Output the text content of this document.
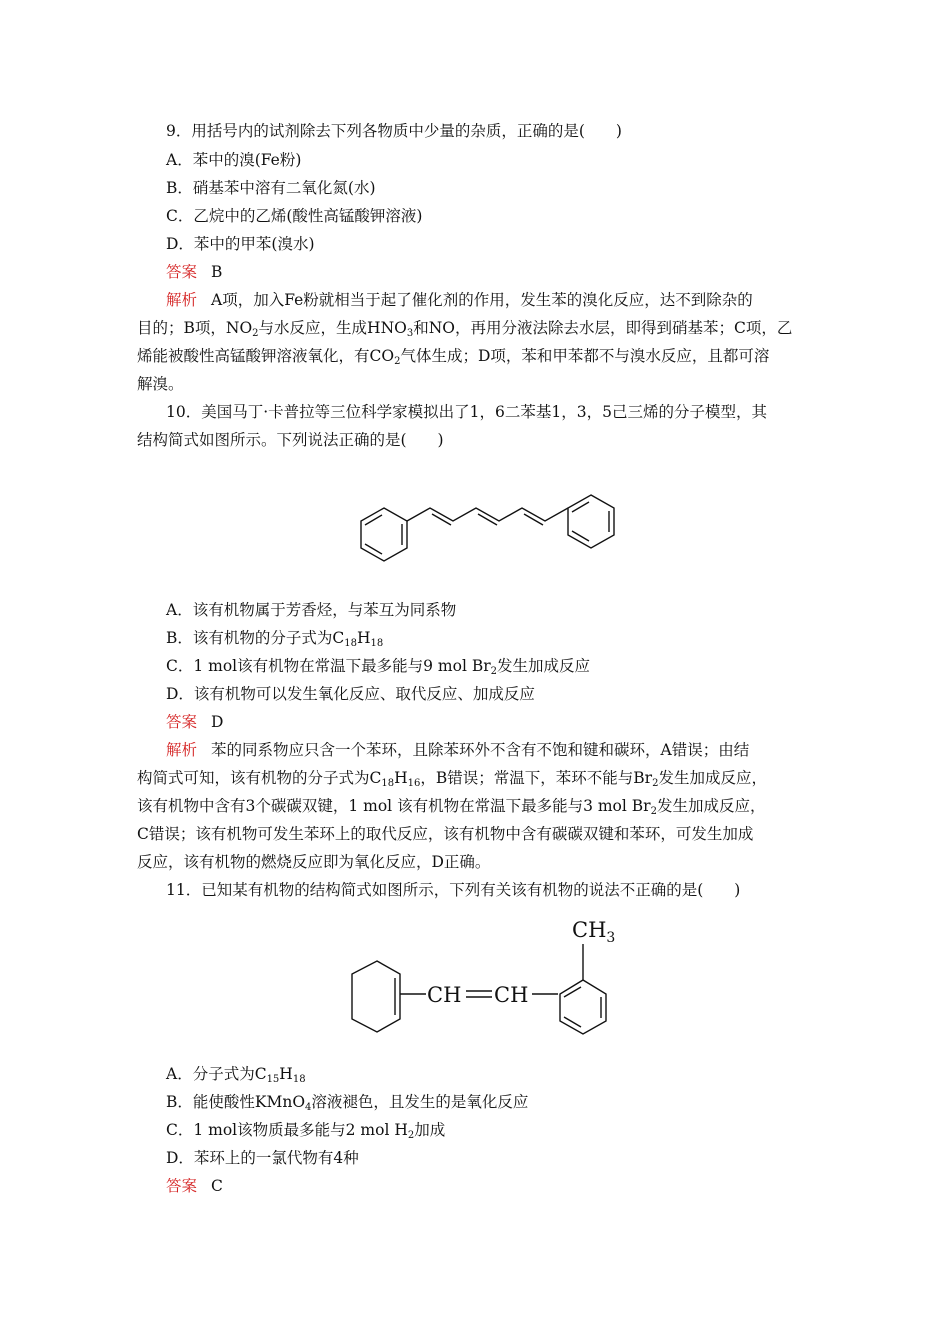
9．用括号内的试剂除去下列各物质中少量的杂质，正确的是(　　)
A．苯中的溴(Fe粉)
B．硝基苯中溶有二氧化氮(水)
C．乙烷中的乙烯(酸性高锰酸钾溶液)
D．苯中的甲苯(溴水)
答案 B
解析 A项，加入Fe粉就相当于起了催化剂的作用，发生苯的溴化反应，达不到除杂的
目的；B项，$NO_2$与水反应，生成$HNO_3$和NO，再用分液法除去水层，即得到硝基苯；C项，乙
烯能被酸性高锰酸钾溶液氧化，有$CO_2$气体生成；D项，苯和甲苯都不与溴水反应，且都可溶
解溴。
10．美国马丁·卡普拉等三位科学家模拟出了1，6二苯基1，3，5己三烯的分子模型，其
结构简式如图所示。下列说法正确的是(　　)
A．该有机物属于芳香烃，与苯互为同系物
B．该有机物的分子式为$C_{18}H_{18}$
C．1 mol该有机物在常温下最多能与9 mol $Br_2$发生加成反应
D．该有机物可以发生氧化反应、取代反应、加成反应
答案 D
解析 苯的同系物应只含一个苯环，且除苯环外不含有不饱和键和碳环，A错误；由结
构简式可知，该有机物的分子式为$C_{18}H_{16}$，B错误；常温下，苯环不能与$Br_2$发生加成反应，
该有机物中含有3个碳碳双键，1 mol 该有机物在常温下最多能与3 mol $Br_2$发生加成反应，
C错误；该有机物可发生苯环上的取代反应，该有机物中含有碳碳双键和苯环，可发生加成
反应，该有机物的燃烧反应即为氧化反应，D正确。
11．已知某有机物的结构简式如图所示，下列有关该有机物的说法不正确的是(　　)
CH CH
$CH_3$
A．分子式为$C_{15}H_{18}$
B．能使酸性KMnO$_4$溶液褪色，且发生的是氧化反应
C．1 mol该物质最多能与2 mol $H_2$加成
D．苯环上的一氯代物有4种
答案 C
